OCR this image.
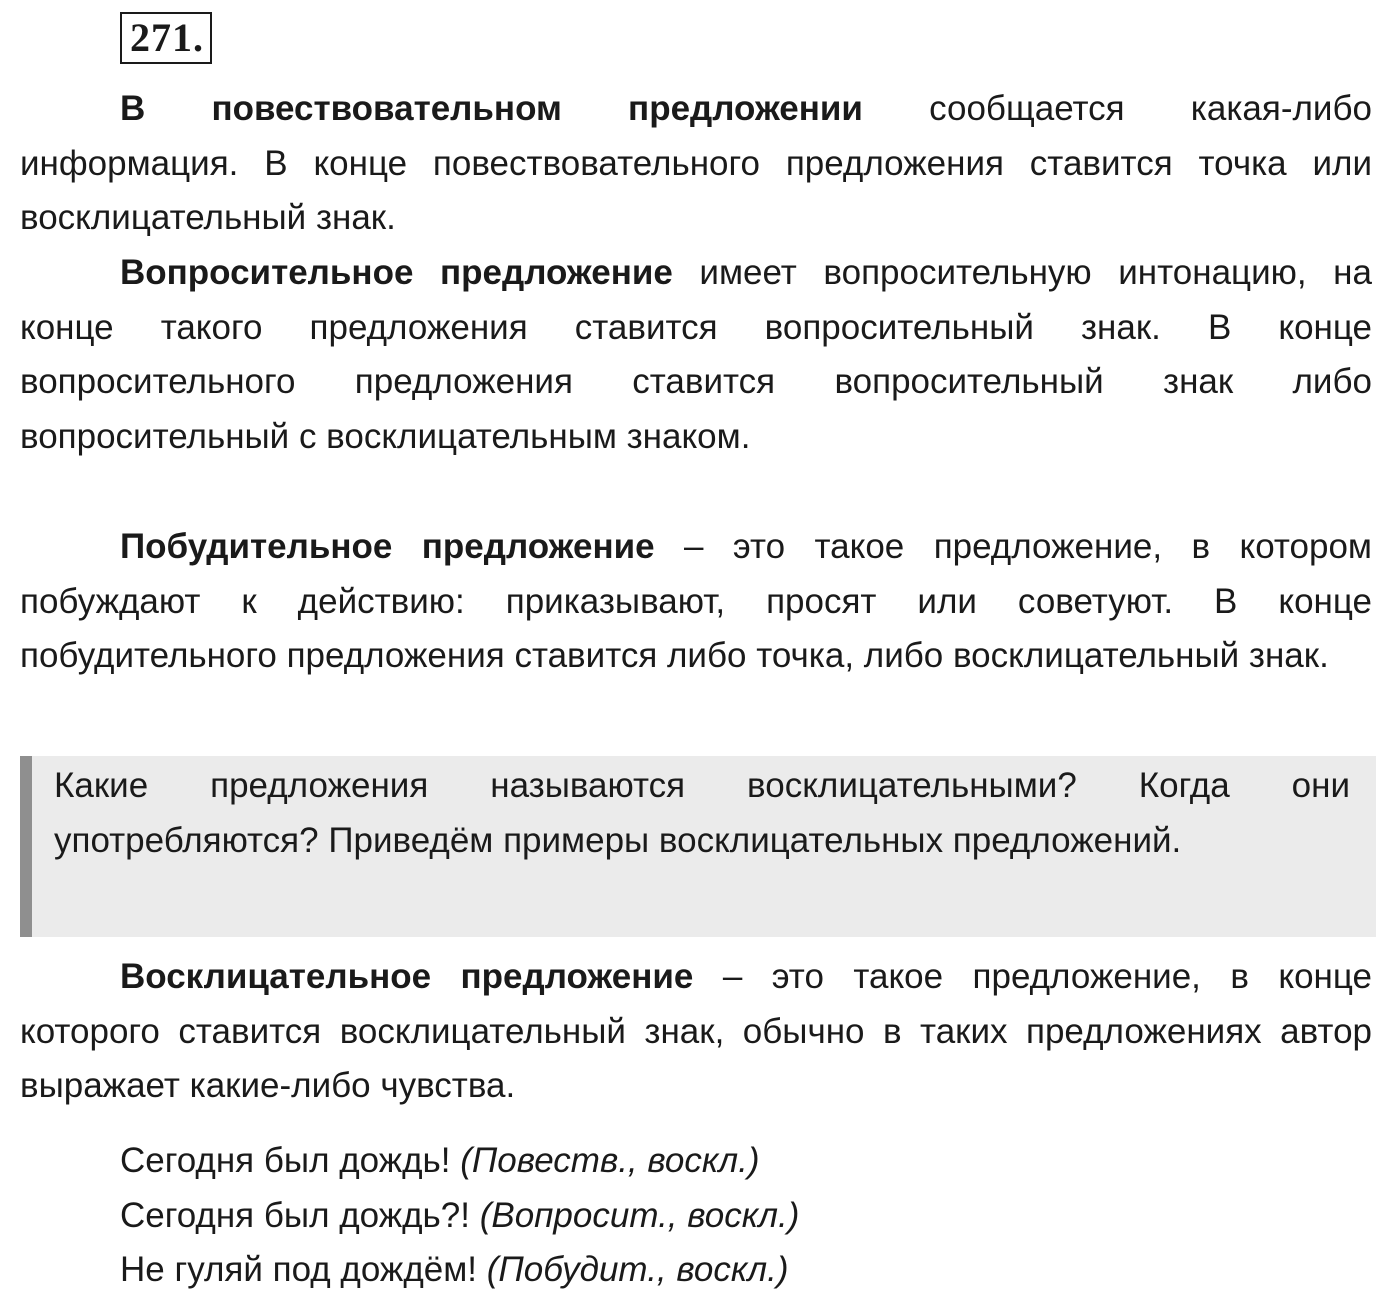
271.

В повествовательном предложении сообщается какая-либо информация. В конце повествовательного предложения ставится точка или восклицательный знак.

Вопросительное предложение имеет вопросительную интонацию, на конце такого предложения ставится вопросительный знак. В конце вопросительного предложения ставится вопросительный знак либо вопросительный с восклицательным знаком.

Побудительное предложение – это такое предложение, в котором побуждают к действию: приказывают, просят или советуют. В конце побудительного предложения ставится либо точка, либо восклицательный знак.

Какие предложения называются восклицательными? Когда они употребляются? Приведём примеры восклицательных предложений.

Восклицательное предложение – это такое предложение, в конце которого ставится восклицательный знак, обычно в таких предложениях автор выражает какие-либо чувства.

Сегодня был дождь! (Повеств., воскл.)
Сегодня был дождь?! (Вопросит., воскл.)
Не гуляй под дождём! (Побудит., воскл.)
